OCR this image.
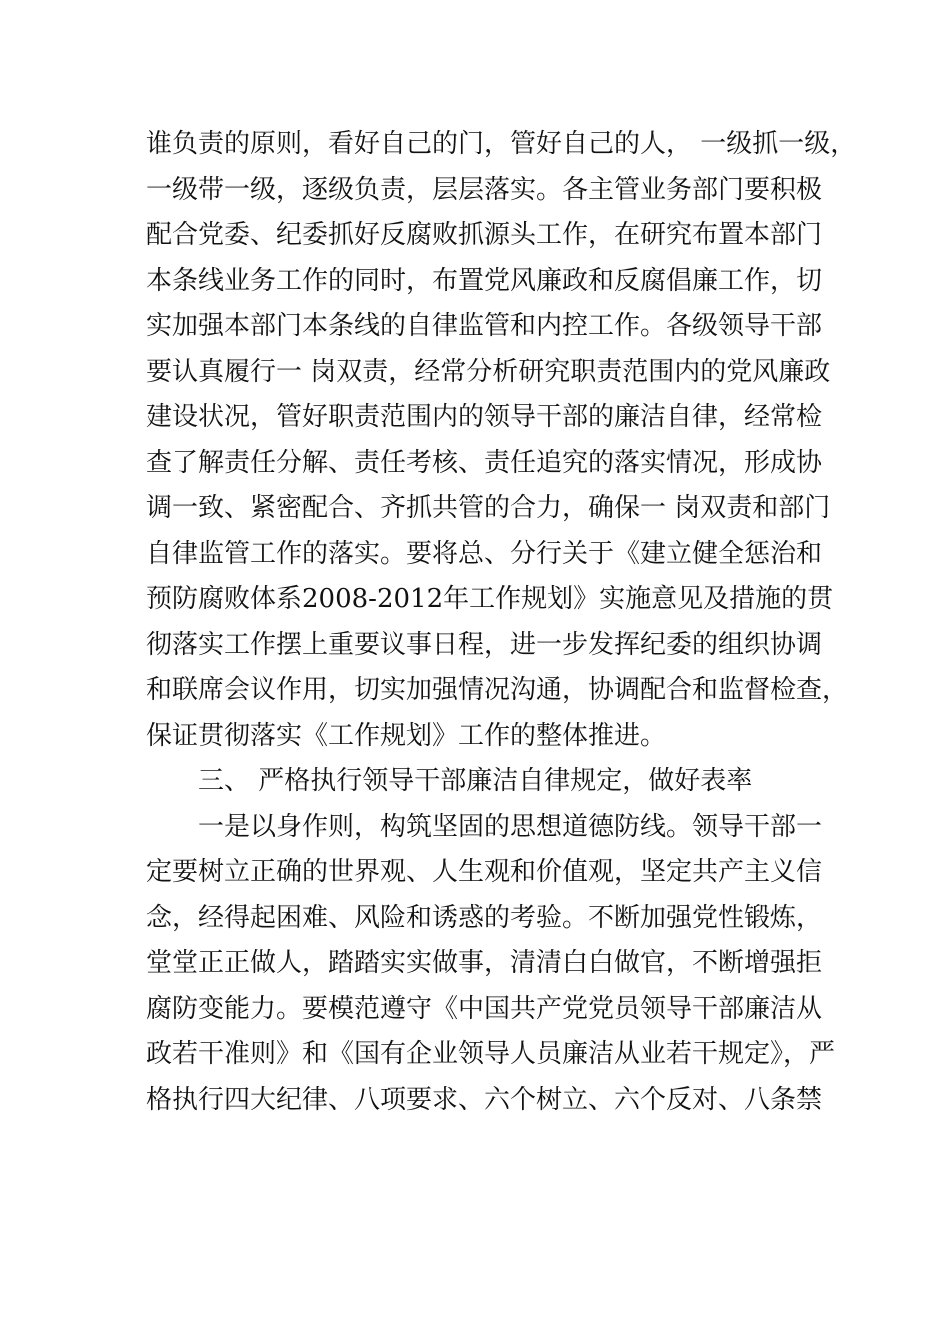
谁负责的原则，看好自己的门，管好自己的人， 一级抓一级，
一级带一级，逐级负责，层层落实。各主管业务部门要积极
配合党委、纪委抓好反腐败抓源头工作，在研究布置本部门
本条线业务工作的同时，布置党风廉政和反腐倡廉工作，切
实加强本部门本条线的自律监管和内控工作。各级领导干部
要认真履行一 岗双责，经常分析研究职责范围内的党风廉政
建设状况，管好职责范围内的领导干部的廉洁自律，经常检
查了解责任分解、责任考核、责任追究的落实情况，形成协
调一致、紧密配合、齐抓共管的合力，确保一 岗双责和部门
自律监管工作的落实。要将总、分行关于《建立健全惩治和
预防腐败体系2008-2012年工作规划》实施意见及措施的贯
彻落实工作摆上重要议事日程，进一步发挥纪委的组织协调
和联席会议作用，切实加强情况沟通，协调配合和监督检查，
保证贯彻落实《工作规划》工作的整体推进。
三、 严格执行领导干部廉洁自律规定，做好表率
一是以身作则，构筑坚固的思想道德防线。领导干部一
定要树立正确的世界观、人生观和价值观，坚定共产主义信
念，经得起困难、风险和诱惑的考验。不断加强党性锻炼，
堂堂正正做人，踏踏实实做事，清清白白做官，不断增强拒
腐防变能力。要模范遵守《中国共产党党员领导干部廉洁从
政若干准则》和《国有企业领导人员廉洁从业若干规定》，严
格执行四大纪律、八项要求、六个树立、六个反对、八条禁
